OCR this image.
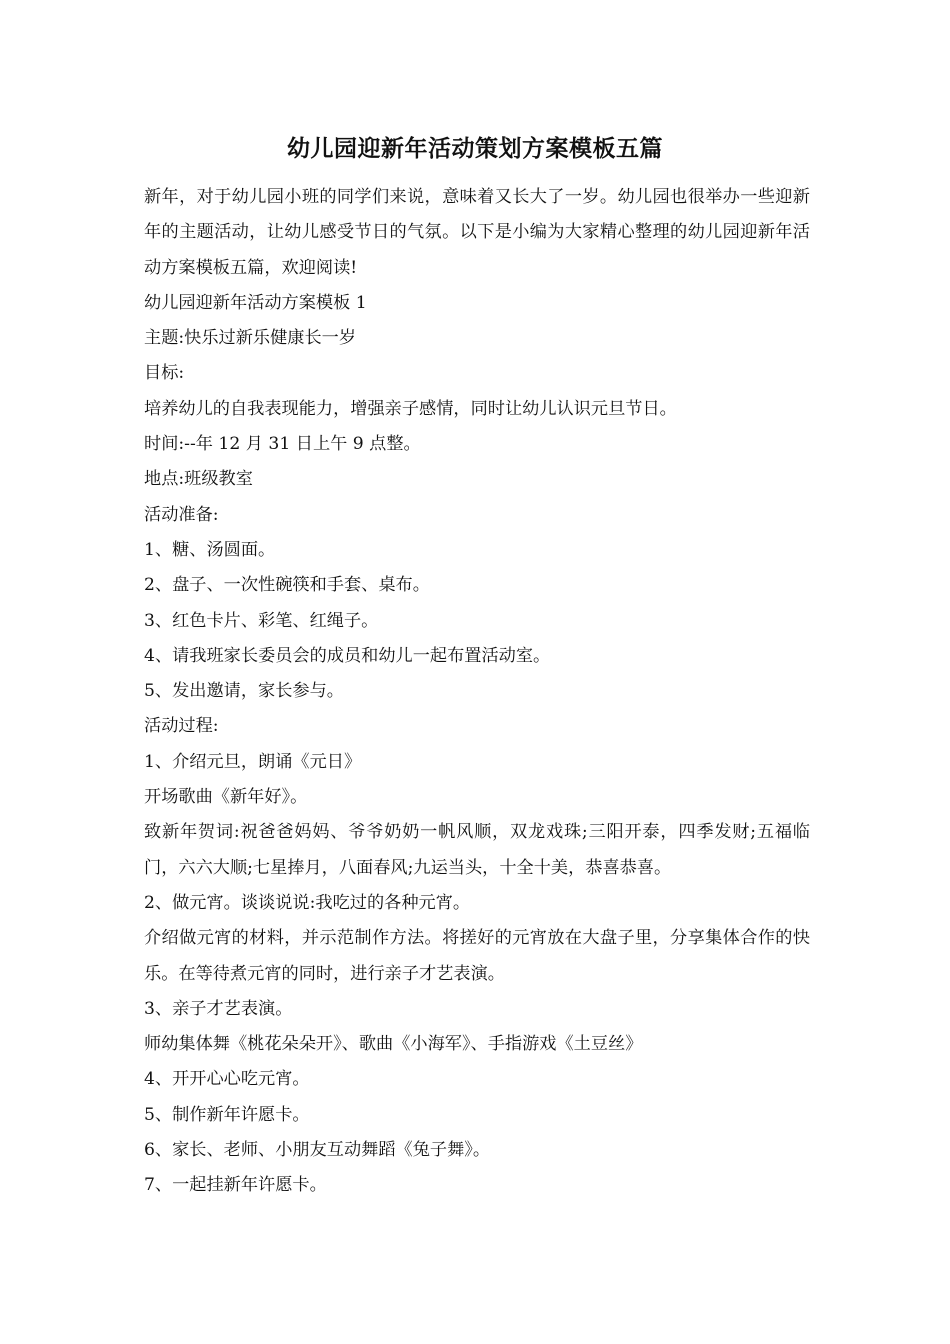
幼儿园迎新年活动策划方案模板五篇

新年，对于幼儿园小班的同学们来说，意味着又长大了一岁。幼儿园也很举办一些迎新年的主题活动，让幼儿感受节日的气氛。以下是小编为大家精心整理的幼儿园迎新年活动方案模板五篇，欢迎阅读!

幼儿园迎新年活动方案模板 1

主题:快乐过新乐健康长一岁

目标:

培养幼儿的自我表现能力，增强亲子感情，同时让幼儿认识元旦节日。

时间:--年 12 月 31 日上午 9 点整。

地点:班级教室

活动准备:

1、糖、汤圆面。

2、盘子、一次性碗筷和手套、桌布。

3、红色卡片、彩笔、红绳子。

4、请我班家长委员会的成员和幼儿一起布置活动室。

5、发出邀请，家长参与。

活动过程:

1、介绍元旦，朗诵《元日》

开场歌曲《新年好》。

致新年贺词:祝爸爸妈妈、爷爷奶奶一帆风顺，双龙戏珠;三阳开泰，四季发财;五福临门，六六大顺;七星捧月，八面春风;九运当头，十全十美，恭喜恭喜。

2、做元宵。谈谈说说:我吃过的各种元宵。

介绍做元宵的材料，并示范制作方法。将搓好的元宵放在大盘子里，分享集体合作的快乐。在等待煮元宵的同时，进行亲子才艺表演。

3、亲子才艺表演。

师幼集体舞《桃花朵朵开》、歌曲《小海军》、手指游戏《土豆丝》

4、开开心心吃元宵。

5、制作新年许愿卡。

6、家长、老师、小朋友互动舞蹈《兔子舞》。

7、一起挂新年许愿卡。
